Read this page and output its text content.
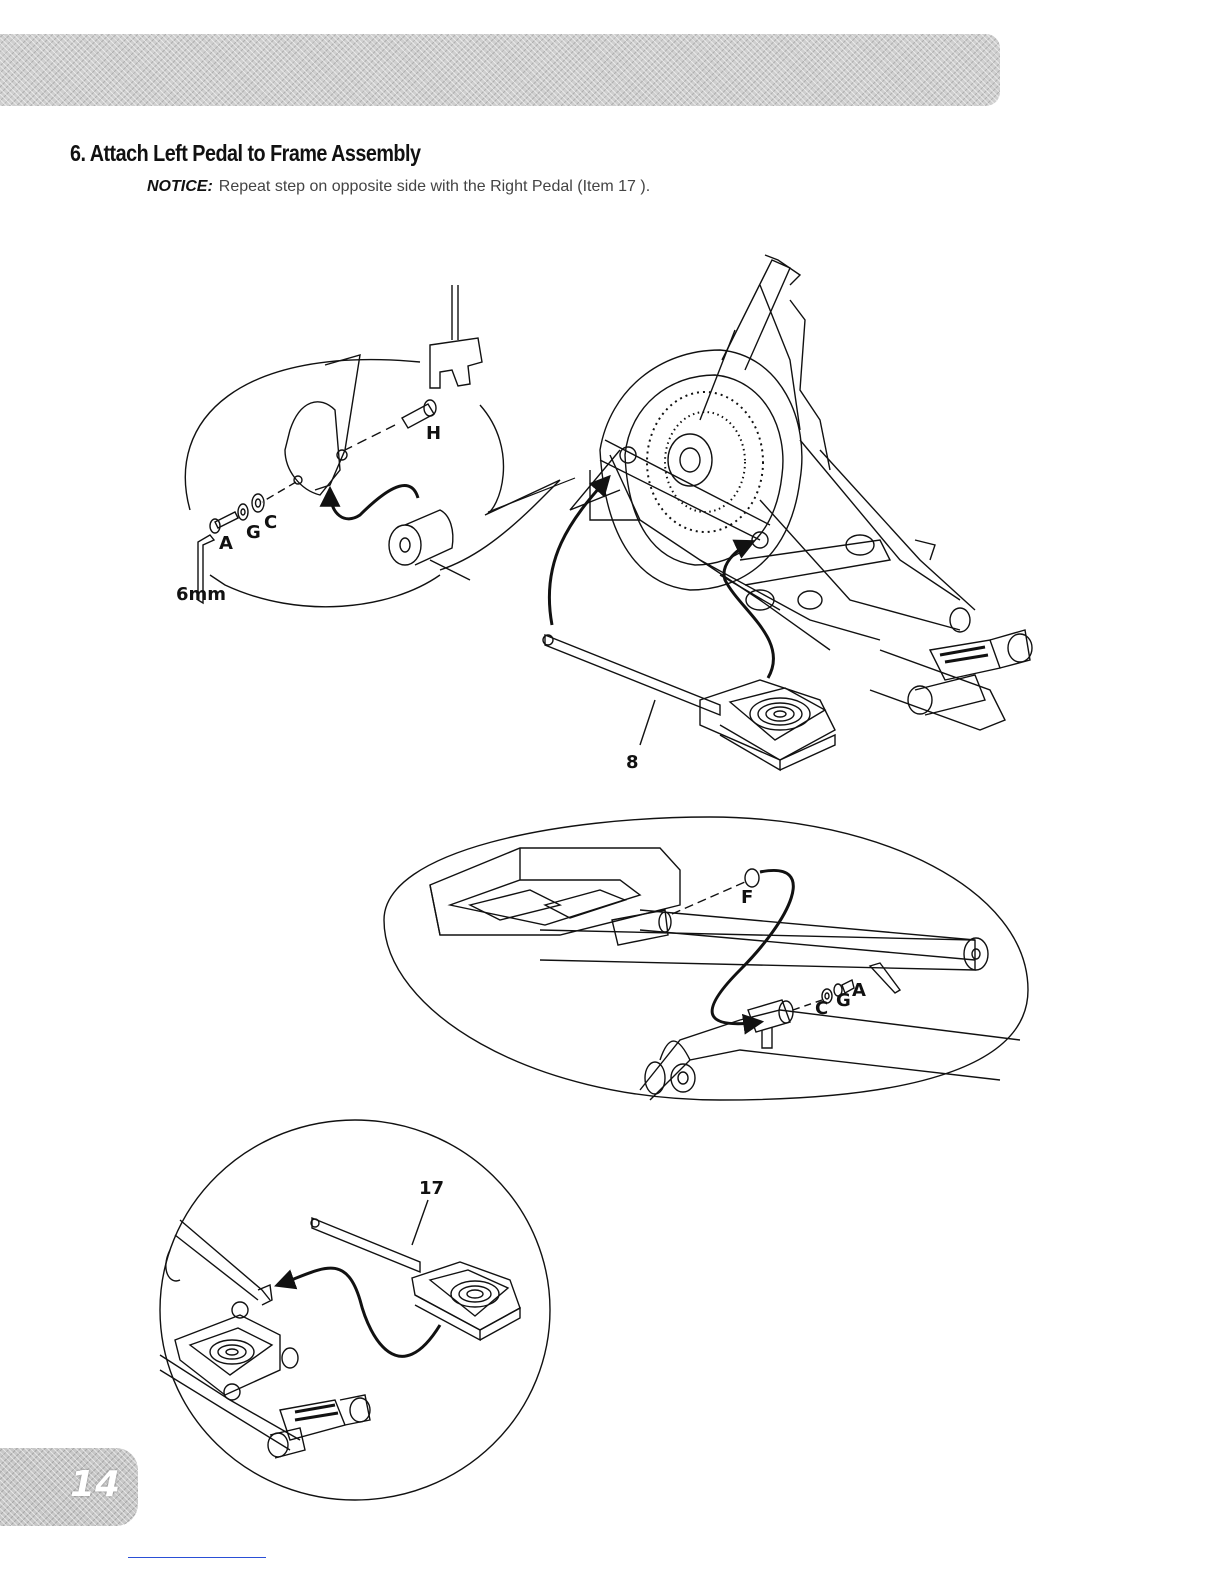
6. Attach Left Pedal to Frame Assembly
NOTICE: Repeat step on opposite side with the Right Pedal (Item 17 ).
A
G C
H
6mm
8
F
C G A
17
14
